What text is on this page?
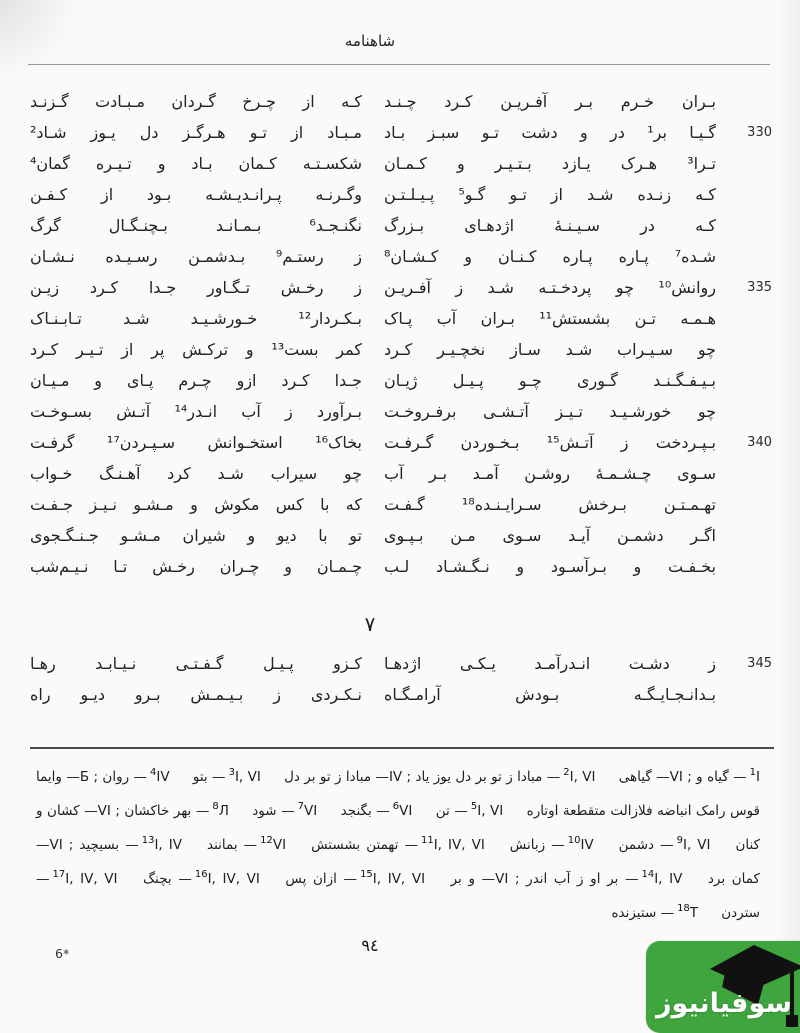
شاهنامه
بـران خـرم بـر آفـریـن کـرد چـنـد
کـه از چـرخ گـردان مـبـادت گـزنـد
330
گـیـا بر¹ در و دشت تـو سبـز بـاد
مـبـاد از تـو هـرگـز دل یـوز شـاد²
تـرا³ هـرک یـازد بـتـیـر و کـمـان
شکسـتـه کـمان بـاد و تـیـره گمان⁴
کـه زنـده شـد از تـو گـو⁵ پـیـلـتـن
وگـرنـه پـرانـدیـشـه بـود از کـفـن
کـه در سـیـنـهٔ اژدهـای بـزرگ
نگنـجـد⁶ بـمـانـد بـچنـگـال گرگ
شـده⁷ پـاره پـاره کـنـان و کـشـان⁸
ز رستـم⁹ بـدشمـن رسـیـده نـشـان
335
روانش¹⁰ چو پردخـتـه شـد ز آفـریـن
ز رخـش تـگـاور جـدا کـرد زیـن
هـمـه تـن بشستش¹¹ بـران آب پـاک
بـکـردار¹² خـورشـیـد شـد تـابـنـاک
چو سـیـراب شـد سـاز نخچـیـر کـرد
کمر بست¹³ و ترکـش پر از تـیـر کـرد
بـیـفـگـنـد گـوری چـو پـیـل ژیـان
جـدا کـرد ازو چـرم پـای و مـیـان
چو خورشـیـد تـیـز آتـشـی برفـروخـت
بـرآورد ز آب انـدر¹⁴ آتـش بسـوخـت
340
بـپـردخت ز آتـش¹⁵ بـخـوردن گـرفـت
بخاک¹⁶ استخـوانش سـپـردن¹⁷ گرفـت
سـوی چـشـمـهٔ روشـن آمـد بـر آب
چو سیراب شـد کرد آهـنـگ خـواب
تهـمـتـن بـرخش سـرایـنـده¹⁸ گـفـت
که با کس مکوش و مـشـو نـیـز جـفـت
اگـر دشمـن آیـد سـوی مـن بـپـوی
تو با دیو و شیران مـشـو جـنـگـجوی
بخـفـت و بـرآسـود و نـگـشـاد لـب
چـمـان و چـران رخـش تـا نـیـم‌شب
٧
345
ز دشـت انـدرآمـد یـکـی اژدهـا
کـزو پـیـل گـفـتـی نـیـابـد رهـا
بـدانـجـایـگـه بـودش آرامـگـاه
نـکـردی ز بـیـمـش بـرو دیـو راه
$^1$I— گیاه و ; VI— گیاهی $^2$I, VI— مبادا ز تو بر دل یوز یاد ; IV— مبادا ز تو بر دل $^3$I, VI— بتو $^4$IV— روان ; Б— وایما قوس رامک انباضه فلازالت متقطعة اوتاره $^5$I, VI— تن $^6$VI— بگنجد $^7$VI— شود $^8$Л— بهر خاکشان ; VI— کشان و کنان $^9$I, VI— دشمن $^{10}$IV— زبانش $^{11}$I, IV, VI— تهمتن بشستش $^{12}$VI— بمانند $^{13}$I, IV— بسیچید ; VI— کمان برد $^{14}$I, IV— بر او ز آب اندر ; VI— و بر $^{15}$I, IV, VI— ازان پس $^{16}$I, IV, VI— بچنگ $^{17}$I, IV, VI— ستردن $^{18}$T— ستیزنده
٩٤
6*
سوفیانیوز
